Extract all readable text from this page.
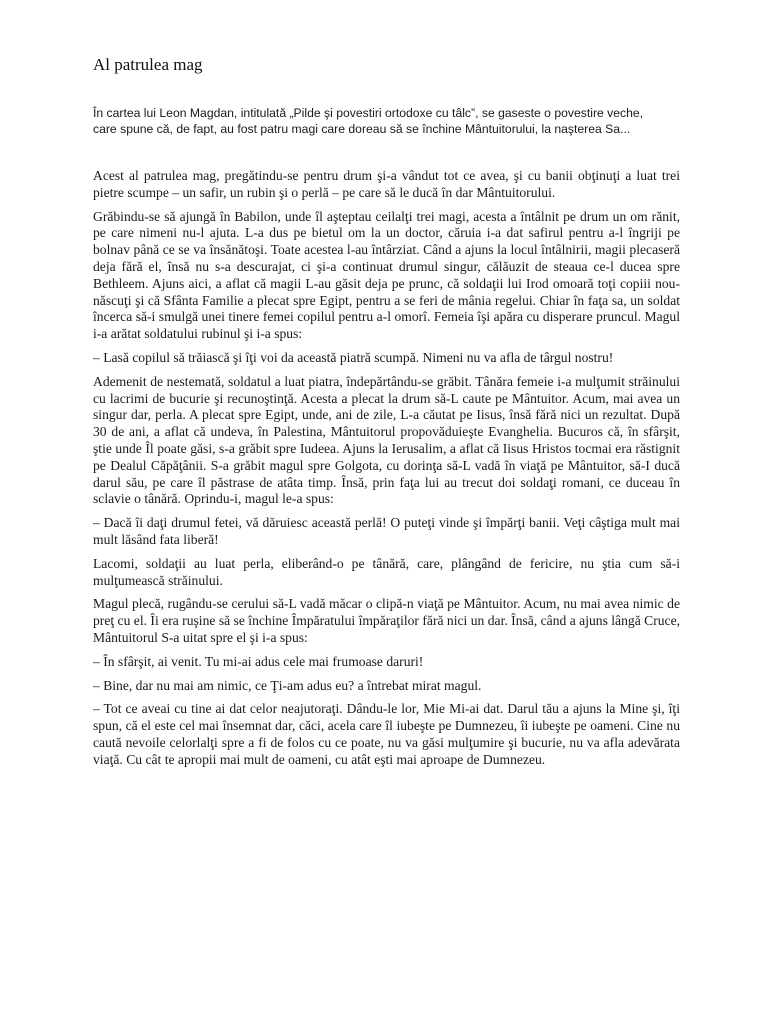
Al patrulea mag

În cartea lui Leon Magdan, intitulată „Pilde şi povestiri ortodoxe cu tâlc”, se gaseste o povestire veche, care spune că, de fapt, au fost patru magi care doreau să se închine Mântuitorului, la naşterea Sa...

Acest al patrulea mag, pregătindu-se pentru drum şi-a vândut tot ce avea, şi cu banii obţinuţi a luat trei pietre scumpe – un safir, un rubin şi o perlă – pe care să le ducă în dar Mântuitorului.

Grăbindu-se să ajungă în Babilon, unde îl aşteptau ceilalţi trei magi, acesta a întâlnit pe drum un om rănit, pe care nimeni nu-l ajuta. L-a dus pe bietul om la un doctor, căruia i-a dat safirul pentru a-l îngriji pe bolnav până ce se va însănătoşi. Toate acestea l-au întârziat. Când a ajuns la locul întâlnirii, magii plecaseră deja fără el, însă nu s-a descurajat, ci şi-a continuat drumul singur, călăuzit de steaua ce-l ducea spre Bethleem. Ajuns aici, a aflat că magii L-au găsit deja pe prunc, că soldaţii lui Irod omoară toţi copiii nou-născuţi şi că Sfânta Familie a plecat spre Egipt, pentru a se feri de mânia regelui. Chiar în faţa sa, un soldat încerca să-i smulgă unei tinere femei copilul pentru a-l omorî. Femeia îşi apăra cu disperare pruncul. Magul i-a arătat soldatului rubinul şi i-a spus:

– Lasă copilul să trăiască şi îţi voi da această piatră scumpă. Nimeni nu va afla de târgul nostru!

Ademenit de nestemată, soldatul a luat piatra, îndepărtându-se grăbit. Tânăra femeie i-a mulţumit străinului cu lacrimi de bucurie şi recunoştinţă. Acesta a plecat la drum să-L caute pe Mântuitor. Acum, mai avea un singur dar, perla. A plecat spre Egipt, unde, ani de zile, L-a căutat pe Iisus, însă fără nici un rezultat. După 30 de ani, a aflat că undeva, în Palestina, Mântuitorul propovăduieşte Evanghelia. Bucuros că, în sfârşit, ştie unde Îl poate găsi, s-a grăbit spre Iudeea. Ajuns la Ierusalim, a aflat că Iisus Hristos tocmai era răstignit pe Dealul Căpăţânii. S-a grăbit magul spre Golgota, cu dorinţa să-L vadă în viaţă pe Mântuitor, să-I ducă darul său, pe care îl păstrase de atâta timp. Însă, prin faţa lui au trecut doi soldaţi romani, ce duceau în sclavie o tânără. Oprindu-i, magul le-a spus:

– Dacă îi daţi drumul fetei, vă dăruiesc această perlă! O puteţi vinde şi împărţi banii. Veţi câştiga mult mai mult lăsând fata liberă!

Lacomi, soldaţii au luat perla, eliberând-o pe tânără, care, plângând de fericire, nu ştia cum să-i mulţumească străinului.

Magul plecă, rugându-se cerului să-L vadă măcar o clipă-n viaţă pe Mântuitor. Acum, nu mai avea nimic de preţ cu el. Îi era ruşine să se închine Împăratului împăraţilor fără nici un dar. Însă, când a ajuns lângă Cruce, Mântuitorul S-a uitat spre el şi i-a spus:

– În sfârşit, ai venit. Tu mi-ai adus cele mai frumoase daruri!

– Bine, dar nu mai am nimic, ce Ţi-am adus eu? a întrebat mirat magul.

– Tot ce aveai cu tine ai dat celor neajutoraţi. Dându-le lor, Mie Mi-ai dat. Darul tău a ajuns la Mine şi, îţi spun, că el este cel mai însemnat dar, căci, acela care îl iubeşte pe Dumnezeu, îi iubeşte pe oameni. Cine nu caută nevoile celorlalţi spre a fi de folos cu ce poate, nu va găsi mulţumire şi bucurie, nu va afla adevărata viaţă. Cu cât te apropii mai mult de oameni, cu atât eşti mai aproape de Dumnezeu.
